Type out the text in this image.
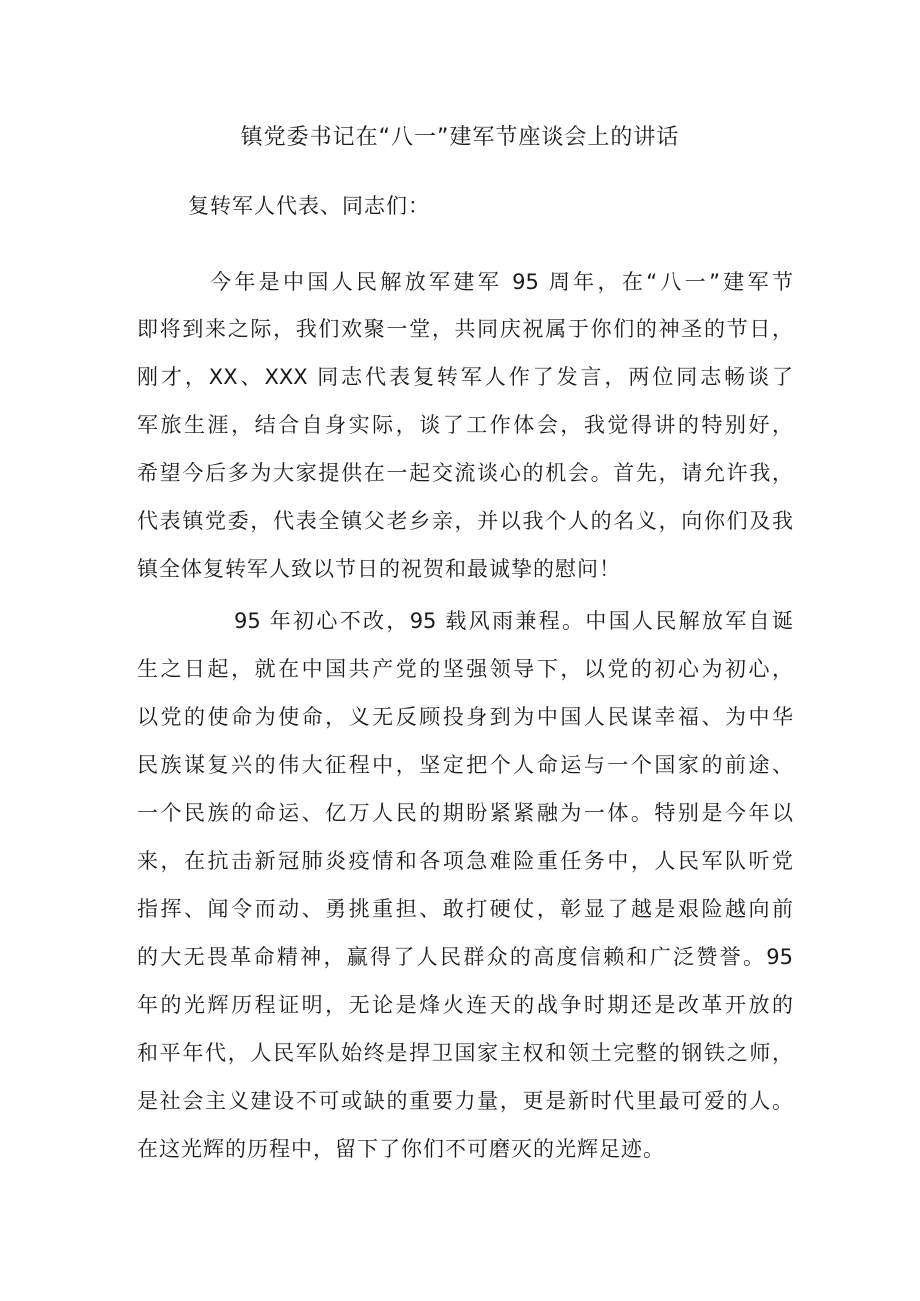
镇党委书记在“八一”建军节座谈会上的讲话
复转军人代表、同志们：
今年是中国人民解放军建军 95 周年，在“八一”建军节
即将到来之际，我们欢聚一堂，共同庆祝属于你们的神圣的节日，
刚才，XX、XXX 同志代表复转军人作了发言，两位同志畅谈了
军旅生涯，结合自身实际，谈了工作体会，我觉得讲的特别好，
希望今后多为大家提供在一起交流谈心的机会。首先，请允许我，
代表镇党委，代表全镇父老乡亲，并以我个人的名义，向你们及我
镇全体复转军人致以节日的祝贺和最诚挚的慰问！
95 年初心不改，95 载风雨兼程。中国人民解放军自诞
生之日起，就在中国共产党的坚强领导下，以党的初心为初心，
以党的使命为使命，义无反顾投身到为中国人民谋幸福、为中华
民族谋复兴的伟大征程中，坚定把个人命运与一个国家的前途、
一个民族的命运、亿万人民的期盼紧紧融为一体。特别是今年以
来，在抗击新冠肺炎疫情和各项急难险重任务中，人民军队听党
指挥、闻令而动、勇挑重担、敢打硬仗，彰显了越是艰险越向前
的大无畏革命精神，赢得了人民群众的高度信赖和广泛赞誉。95
年的光辉历程证明，无论是烽火连天的战争时期还是改革开放的
和平年代，人民军队始终是捍卫国家主权和领土完整的钢铁之师，
是社会主义建设不可或缺的重要力量，更是新时代里最可爱的人。
在这光辉的历程中，留下了你们不可磨灭的光辉足迹。
